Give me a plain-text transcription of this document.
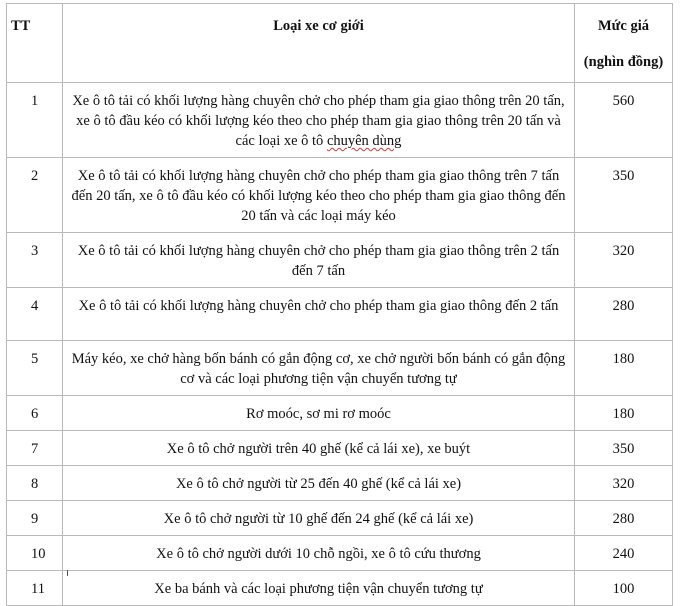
TT	Loại xe cơ giới	Mức giá
(nghìn đồng)

1	Xe ô tô tải có khối lượng hàng chuyên chở cho phép tham gia giao thông trên 20 tấn, xe ô tô đầu kéo có khối lượng kéo theo cho phép tham gia giao thông trên 20 tấn và các loại xe ô tô chuyên dùng	560
2	Xe ô tô tải có khối lượng hàng chuyên chở cho phép tham gia giao thông trên 7 tấn đến 20 tấn, xe ô tô đầu kéo có khối lượng kéo theo cho phép tham gia giao thông đến 20 tấn và các loại máy kéo	350
3	Xe ô tô tải có khối lượng hàng chuyên chở cho phép tham gia giao thông trên 2 tấn đến 7 tấn	320
4	Xe ô tô tải có khối lượng hàng chuyên chở cho phép tham gia giao thông đến 2 tấn	280
5	Máy kéo, xe chở hàng bốn bánh có gắn động cơ, xe chở người bốn bánh có gắn động cơ và các loại phương tiện vận chuyển tương tự	180
6	Rơ moóc, sơ mi rơ moóc	180
7	Xe ô tô chở người trên 40 ghế (kể cả lái xe), xe buýt	350
8	Xe ô tô chở người từ 25 đến 40 ghế (kể cả lái xe)	320
9	Xe ô tô chở người từ 10 ghế đến 24 ghế (kể cả lái xe)	280
10	Xe ô tô chở người dưới 10 chỗ ngồi, xe ô tô cứu thương	240
11	Xe ba bánh và các loại phương tiện vận chuyển tương tự	100
